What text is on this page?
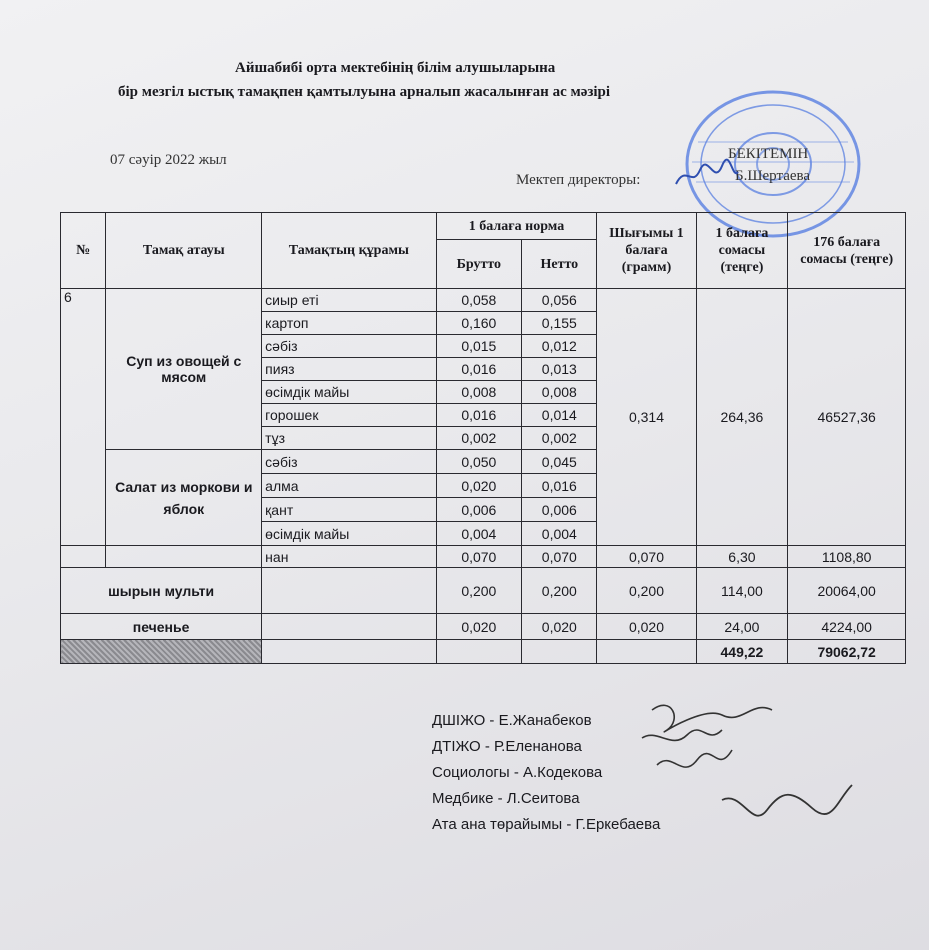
Айшабибі орта мектебінің білім алушыларына
бір мезгіл ыстық тамақпен қамтылуына арналып жасалынған ас мәзірі
07 сәуір 2022 жыл	БЕКІТЕМІН
Мектеп директоры:	Б.Шертаева
№	Тамақ атауы	Тамақтың құрамы	1 балаға норма		Шығымы 1 балаға (грамм)	1 балаға сомасы (теңге)	176 балаға сомасы (теңге)
			Брутто	Нетто			
6	Суп из овощей с мясом	сиыр еті	0,058	0,056	0,314	264,36	46527,36
		картоп	0,160	0,155			
		сәбіз	0,015	0,012			
		пияз	0,016	0,013			
		өсімдік майы	0,008	0,008			
		горошек	0,016	0,014			
		тұз	0,002	0,002			
	Салат из моркови и яблок	сәбіз	0,050	0,045			
		алма	0,020	0,016			
		қант	0,006	0,006			
		өсімдік майы	0,004	0,004			
		нан	0,070	0,070	0,070	6,30	1108,80
шырын мульти			0,200	0,200	0,200	114,00	20064,00
печенье			0,020	0,020	0,020	24,00	4224,00
						449,22	79062,72
ДШІЖО - Е.Жанабеков
ДТІЖО - Р.Еленанова
Социологы - А.Кодекова
Медбике - Л.Сеитова
Ата ана төрайымы - Г.Еркебаева
